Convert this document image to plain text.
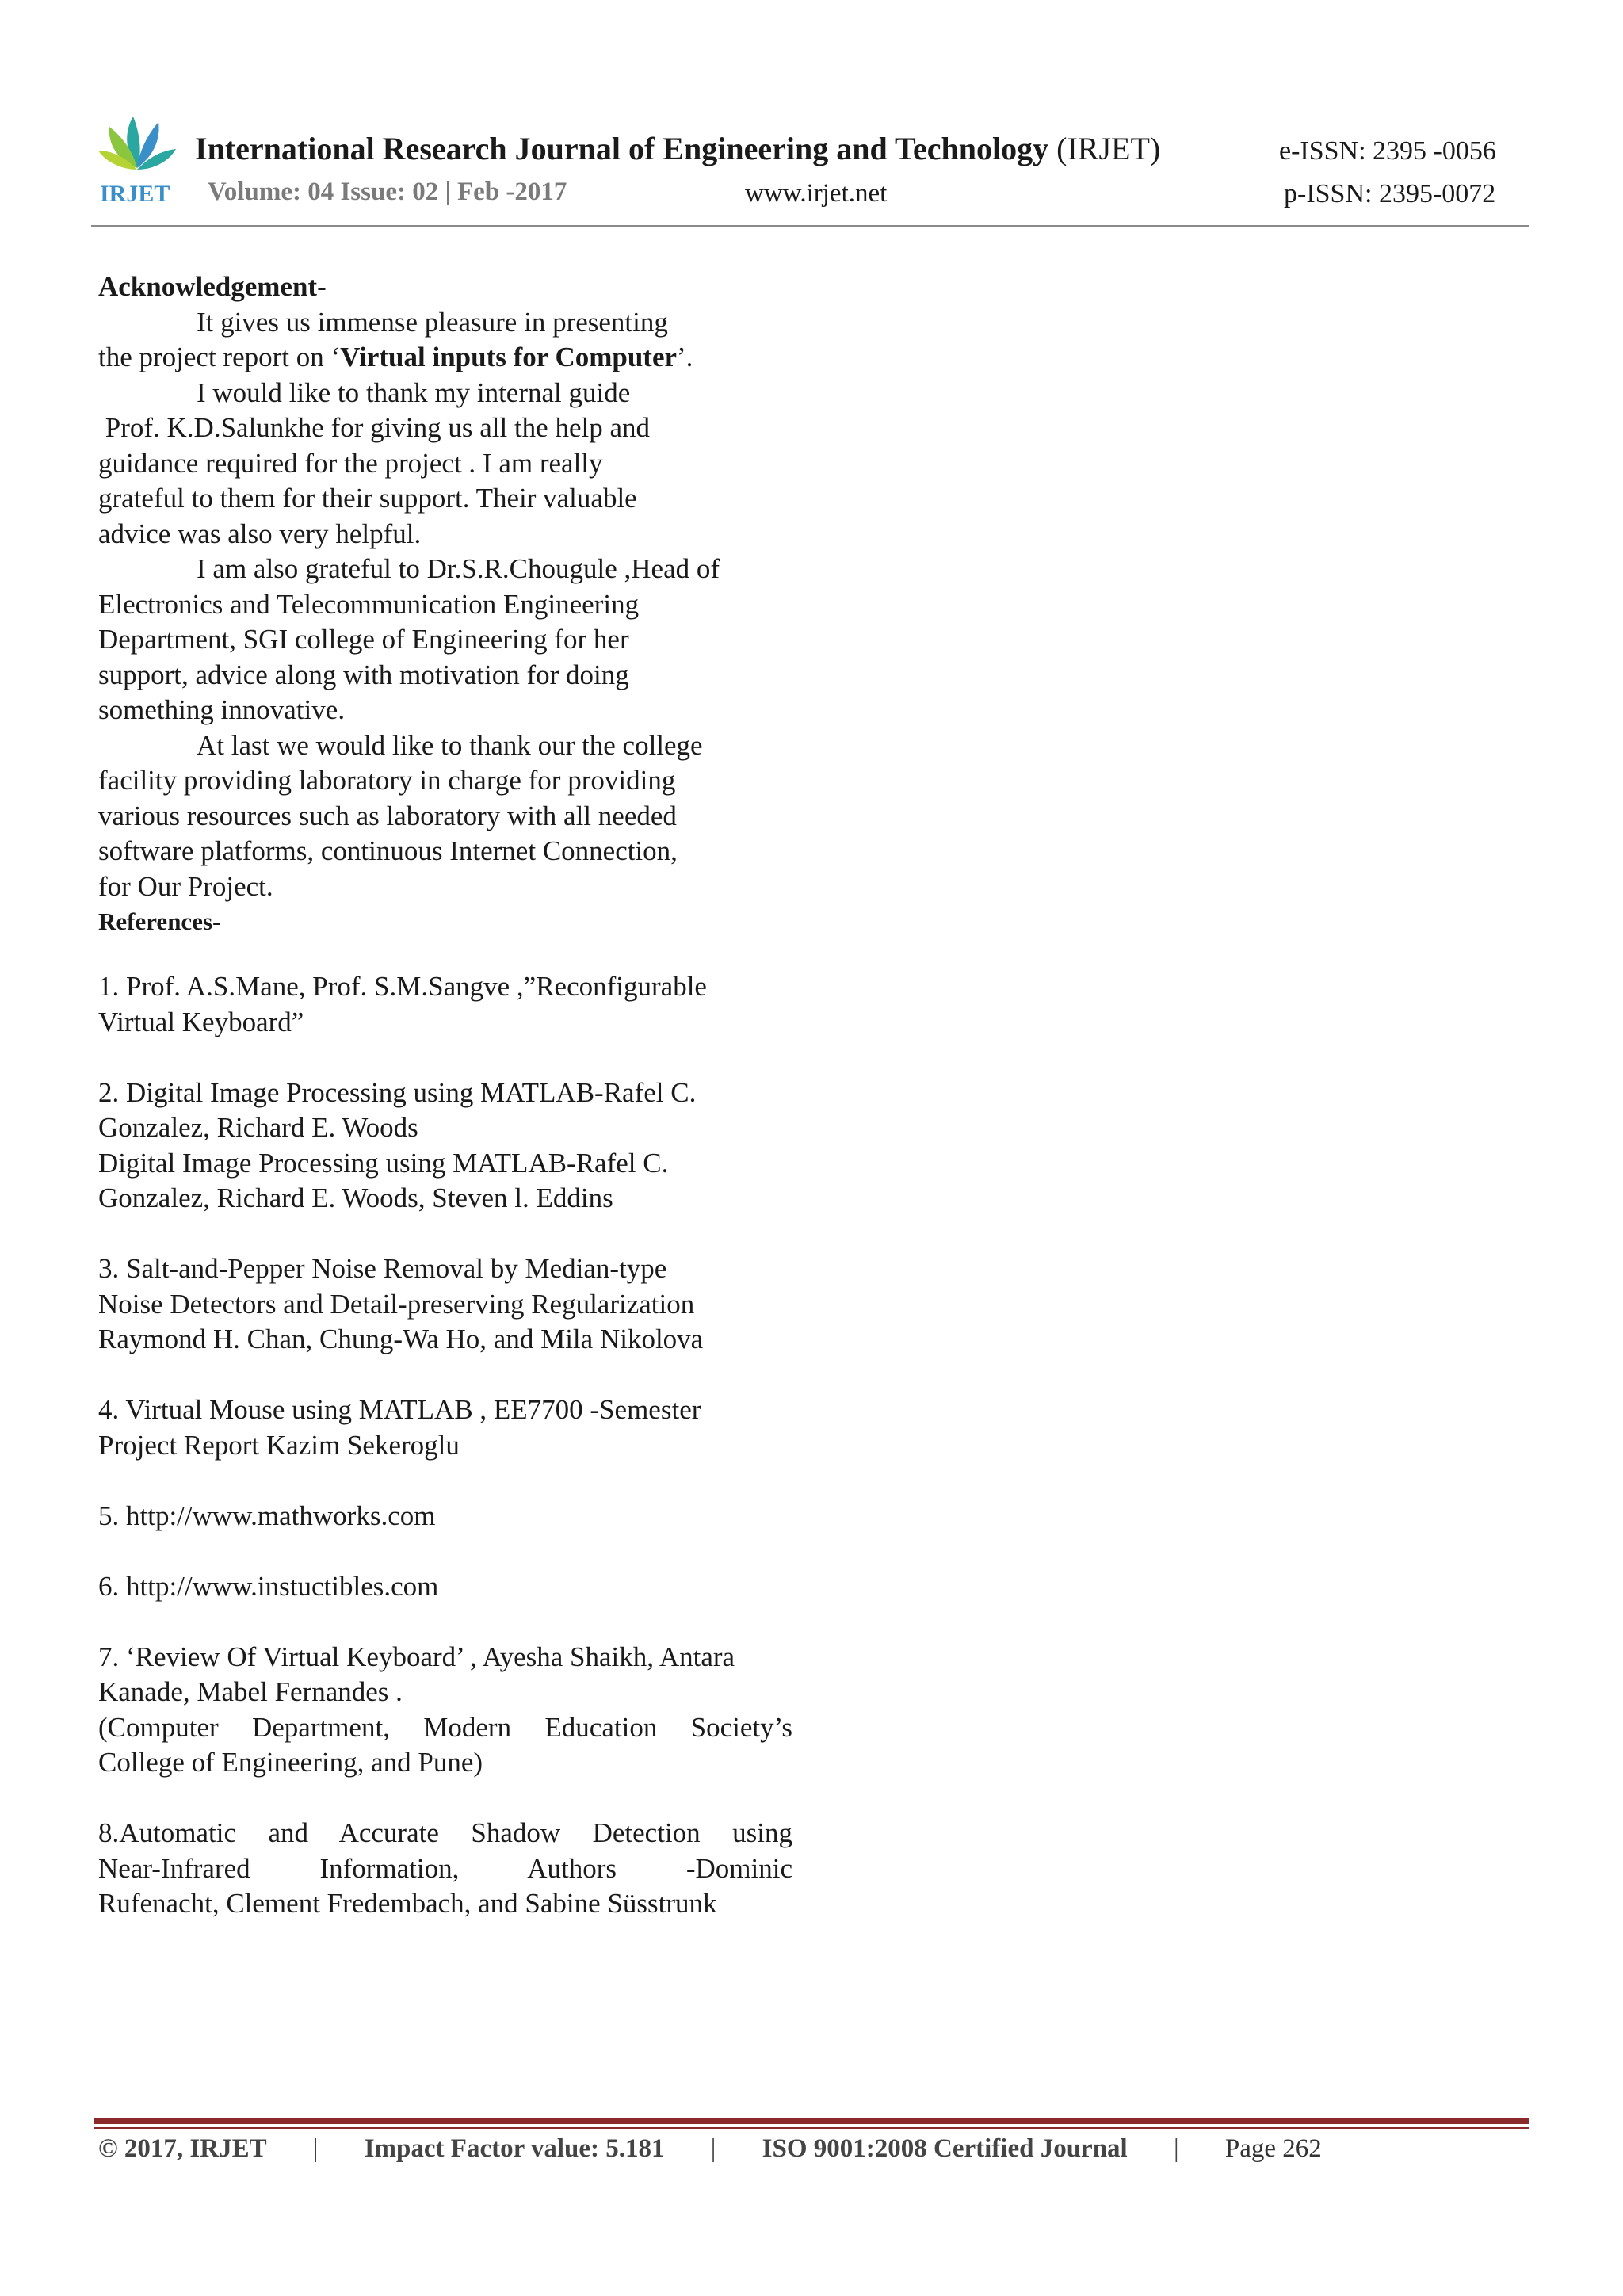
IRJET
International Research Journal of Engineering and Technology (IRJET)	e-ISSN: 2395 -0056
Volume: 04 Issue: 02 | Feb -2017	www.irjet.net	p-ISSN: 2395-0072

Acknowledgement-

It gives us immense pleasure in presenting

the project report on ‘Virtual inputs for Computer’.

I would like to thank my internal guide

Prof. K.D.Salunkhe for giving us all the help and

guidance required for the project . I am really

grateful to them for their support. Their valuable

advice was also very helpful.

I am also grateful to Dr.S.R.Chougule ,Head of

Electronics and Telecommunication Engineering

Department, SGI college of Engineering for her

support, advice along with motivation for doing

something innovative.

At last we would like to thank our the college

facility providing laboratory in charge for providing

various resources such as laboratory with all needed

software platforms, continuous Internet Connection,

for Our Project.

References-

1. Prof. A.S.Mane, Prof. S.M.Sangve ,”Reconfigurable
Virtual Keyboard”
2. Digital Image Processing using MATLAB-Rafel C.
Gonzalez, Richard E. Woods
Digital Image Processing using MATLAB-Rafel C.
Gonzalez, Richard E. Woods, Steven l. Eddins
3. Salt-and-Pepper Noise Removal by Median-type
Noise Detectors and Detail-preserving Regularization
Raymond H. Chan, Chung-Wa Ho, and Mila Nikolova
4. Virtual Mouse using MATLAB , EE7700 -Semester
Project Report Kazim Sekeroglu
5. http://www.mathworks.com
6. http://www.instuctibles.com
7. ‘Review Of Virtual Keyboard’ , Ayesha Shaikh, Antara
Kanade, Mabel Fernandes .
(Computer Department, Modern Education Society’s
College of Engineering, and Pune)
8.Automatic and Accurate Shadow Detection using
Near-Infrared Information, Authors -Dominic
Rufenacht, Clement Fredembach, and Sabine Süsstrunk
© 2017, IRJET | Impact Factor value: 5.181 | ISO 9001:2008 Certified Journal | Page 262
